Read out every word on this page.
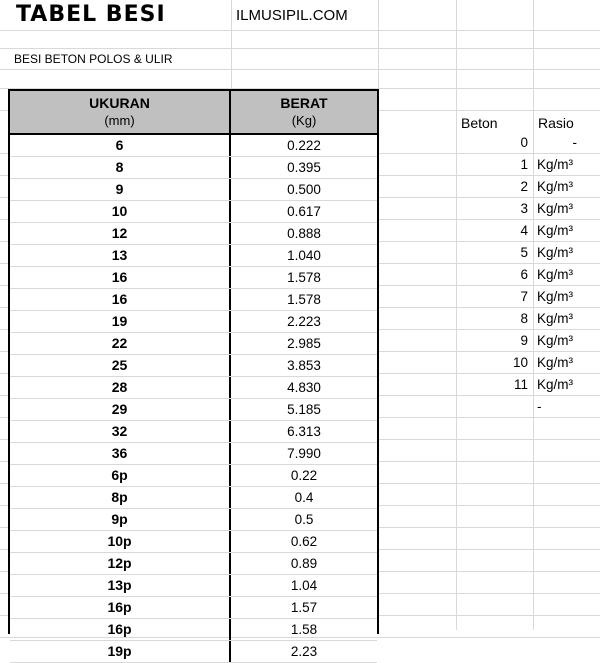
TABEL BESI	ILMUSIPIL.COM
BESI BETON POLOS & ULIR
UKURAN
(mm)
BERAT
(Kg)
6	0.222
8	0.395
9	0.500
10	0.617
12	0.888
13	1.040
16	1.578
16	1.578
19	2.223
22	2.985
25	3.853
28	4.830
29	5.185
32	6.313
36	7.990
6p	0.22
8p	0.4
9p	0.5
10p	0.62
12p	0.89
13p	1.04
16p	1.57
16p	1.58
19p	2.23
Beton	Rasio
0	-
1 Kg/m³
2 Kg/m³
3 Kg/m³
4 Kg/m³
5 Kg/m³
6 Kg/m³
7 Kg/m³
8 Kg/m³
9 Kg/m³
10 Kg/m³
11 Kg/m³
-
